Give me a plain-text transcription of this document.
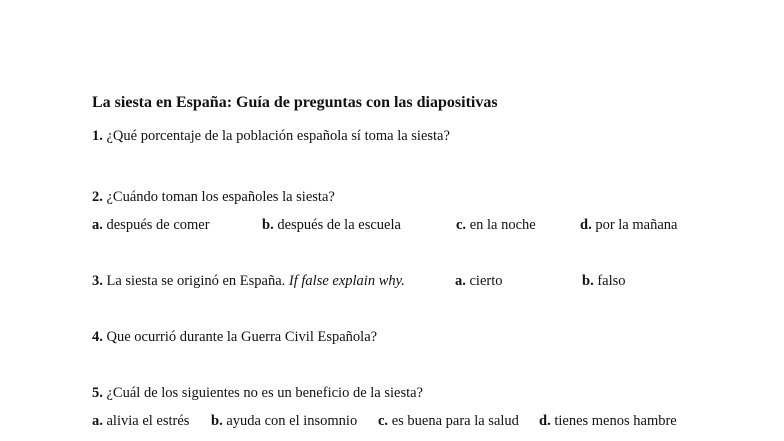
La siesta en España: Guía de preguntas con las diapositivas
1. ¿Qué porcentaje de la población española sí toma la siesta?
2. ¿Cuándo toman los españoles la siesta?
a. después de comer	b. después de la escuela	c. en la noche	d. por la mañana
3. La siesta se originó en España. If false explain why.	a. cierto	b. falso
4. Que ocurrió durante la Guerra Civil Española?
5. ¿Cuál de los siguientes no es un beneficio de la siesta?
a. alivia el estrés b. ayuda con el insomnio c. es buena para la salud d. tienes menos hambre
